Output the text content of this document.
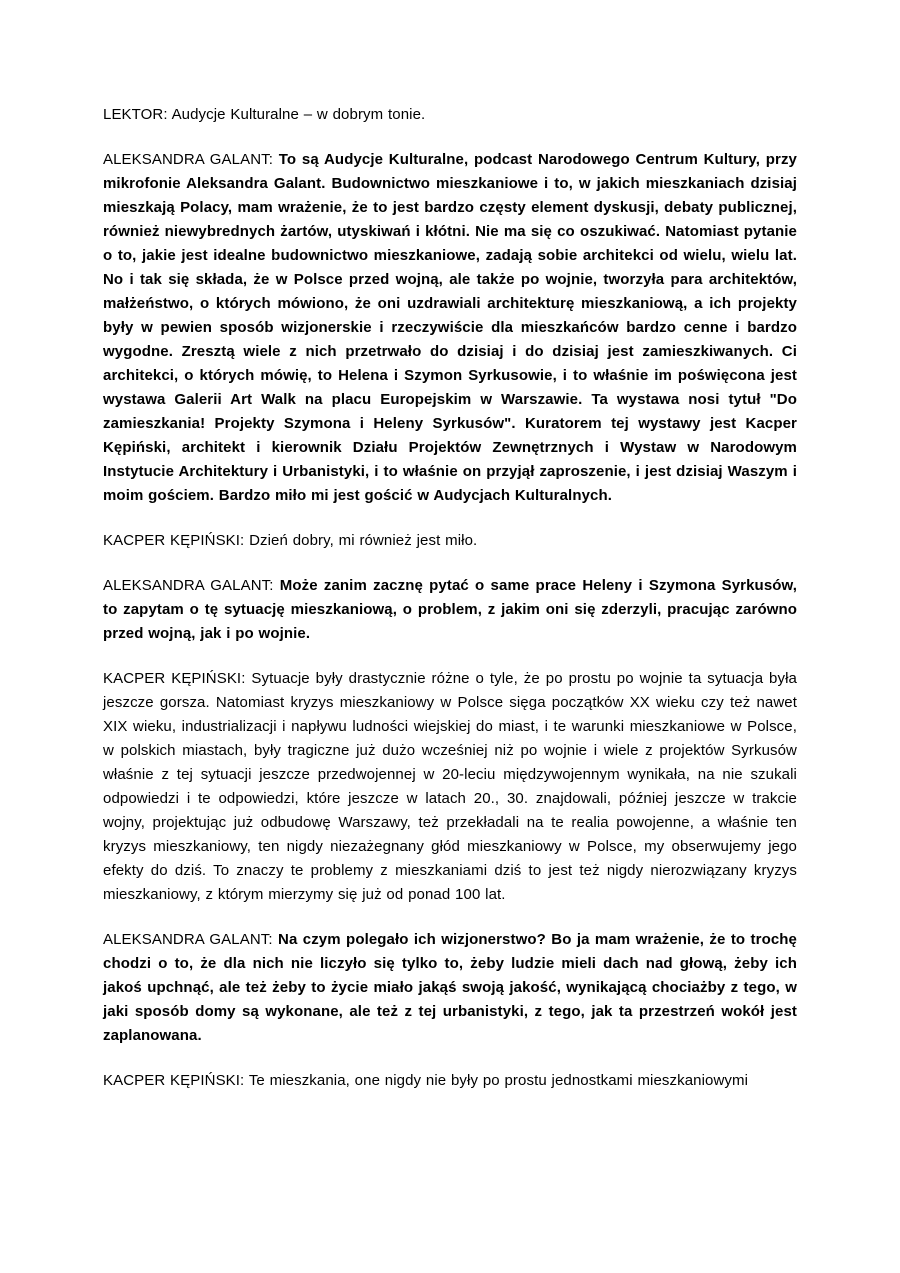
LEKTOR: Audycje Kulturalne – w dobrym tonie.

ALEKSANDRA GALANT: To są Audycje Kulturalne, podcast Narodowego Centrum Kultury, przy mikrofonie Aleksandra Galant. Budownictwo mieszkaniowe i to, w jakich mieszkaniach dzisiaj mieszkają Polacy, mam wrażenie, że to jest bardzo częsty element dyskusji, debaty publicznej, również niewybrednych żartów, utyskiwań i kłótni. Nie ma się co oszukiwać. Natomiast pytanie o to, jakie jest idealne budownictwo mieszkaniowe, zadają sobie architekci od wielu, wielu lat. No i tak się składa, że w Polsce przed wojną, ale także po wojnie, tworzyła para architektów, małżeństwo, o których mówiono, że oni uzdrawiali architekturę mieszkaniową, a ich projekty były w pewien sposób wizjonerskie i rzeczywiście dla mieszkańców bardzo cenne i bardzo wygodne. Zresztą wiele z nich przetrwało do dzisiaj i do dzisiaj jest zamieszkiwanych. Ci architekci, o których mówię, to Helena i Szymon Syrkusowie, i to właśnie im poświęcona jest wystawa Galerii Art Walk na placu Europejskim w Warszawie. Ta wystawa nosi tytuł "Do zamieszkania! Projekty Szymona i Heleny Syrkusów". Kuratorem tej wystawy jest Kacper Kępiński, architekt i kierownik Działu Projektów Zewnętrznych i Wystaw w Narodowym Instytucie Architektury i Urbanistyki, i to właśnie on przyjął zaproszenie, i jest dzisiaj Waszym i moim gościem. Bardzo miło mi jest gościć w Audycjach Kulturalnych.

KACPER KĘPIŃSKI: Dzień dobry, mi również jest miło.

ALEKSANDRA GALANT: Może zanim zacznę pytać o same prace Heleny i Szymona Syrkusów, to zapytam o tę sytuację mieszkaniową, o problem, z jakim oni się zderzyli, pracując zarówno przed wojną, jak i po wojnie.

KACPER KĘPIŃSKI: Sytuacje były drastycznie różne o tyle, że po prostu po wojnie ta sytuacja była jeszcze gorsza. Natomiast kryzys mieszkaniowy w Polsce sięga początków XX wieku czy też nawet XIX wieku, industrializacji i napływu ludności wiejskiej do miast, i te warunki mieszkaniowe w Polsce, w polskich miastach, były tragiczne już dużo wcześniej niż po wojnie i wiele z projektów Syrkusów właśnie z tej sytuacji jeszcze przedwojennej w 20-leciu międzywojennym wynikała, na nie szukali odpowiedzi i te odpowiedzi, które jeszcze w latach 20., 30. znajdowali, później jeszcze w trakcie wojny, projektując już odbudowę Warszawy, też przekładali na te realia powojenne, a właśnie ten kryzys mieszkaniowy, ten nigdy niezażegnany głód mieszkaniowy w Polsce, my obserwujemy jego efekty do dziś. To znaczy te problemy z mieszkaniami dziś to jest też nigdy nierozwiązany kryzys mieszkaniowy, z którym mierzymy się już od ponad 100 lat.

ALEKSANDRA GALANT: Na czym polegało ich wizjonerstwo? Bo ja mam wrażenie, że to trochę chodzi o to, że dla nich nie liczyło się tylko to, żeby ludzie mieli dach nad głową, żeby ich jakoś upchnąć, ale też żeby to życie miało jakąś swoją jakość, wynikającą chociażby z tego, w jaki sposób domy są wykonane, ale też z tej urbanistyki, z tego, jak ta przestrzeń wokół jest zaplanowana.

KACPER KĘPIŃSKI: Te mieszkania, one nigdy nie były po prostu jednostkami mieszkaniowymi
